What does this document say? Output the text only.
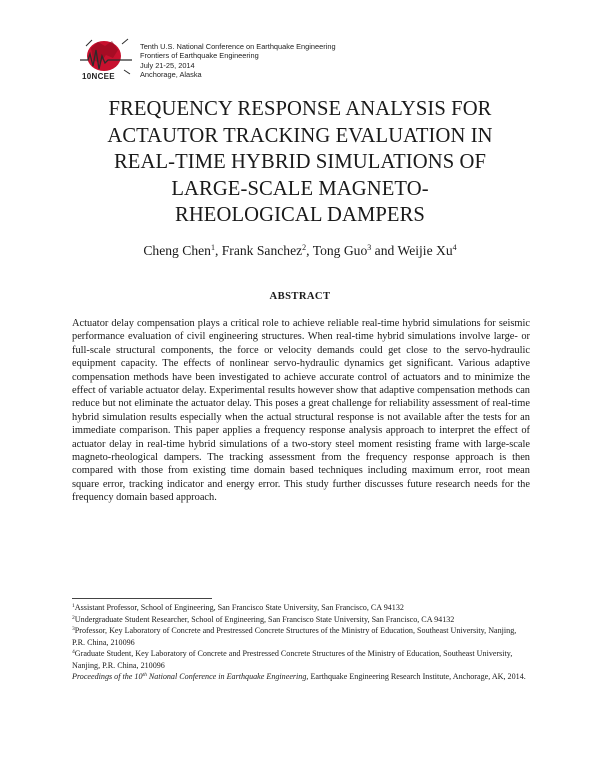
10NCEE
Tenth U.S. National Conference on Earthquake Engineering
Frontiers of Earthquake Engineering
July 21-25, 2014
Anchorage, Alaska
FREQUENCY RESPONSE ANALYSIS FOR
ACTAUTOR TRACKING EVALUATION IN
REAL-TIME HYBRID SIMULATIONS OF
LARGE-SCALE MAGNETO-
RHEOLOGICAL DAMPERS
Cheng Chen$^1$, Frank Sanchez$^2$, Tong Guo$^3$ and Weijie Xu$^4$
ABSTRACT
Actuator delay compensation plays a critical role to achieve reliable real-time hybrid simulations for seismic performance evaluation of civil engineering structures. When real-time hybrid simulations involve large- or full-scale structural components, the force or velocity demands could get close to the servo-hydraulic equipment capacity. The effects of nonlinear servo-hydraulic dynamics get significant. Various adaptive compensation methods have been investigated to achieve accurate control of actuators and to minimize the effect of variable actuator delay. Experimental results however show that adaptive compensation methods can reduce but not eliminate the actuator delay. This poses a great challenge for reliability assessment of real-time hybrid simulation results especially when the actual structural response is not available after the tests for an immediate comparison. This paper applies a frequency response analysis approach to interpret the effect of actuator delay in real-time hybrid simulations of a two-story steel moment resisting frame with large-scale magneto-rheological dampers. The tracking assessment from the frequency response approach is then compared with those from existing time domain based techniques including maximum error, root mean square error, tracking indicator and energy error. This study further discusses future research needs for the frequency domain based approach.
$^1$Assistant Professor, School of Engineering, San Francisco State University, San Francisco, CA 94132
$^2$Undergraduate Student Researcher, School of Engineering, San Francisco State University, San Francisco, CA 94132
$^3$Professor, Key Laboratory of Concrete and Prestressed Concrete Structures of the Ministry of Education, Southeast University, Nanjing, P.R. China, 210096
$^4$Graduate Student, Key Laboratory of Concrete and Prestressed Concrete Structures of the Ministry of Education, Southeast University, Nanjing, P.R. China, 210096
Proceedings of the 10th National Conference in Earthquake Engineering, Earthquake Engineering Research Institute, Anchorage, AK, 2014.
